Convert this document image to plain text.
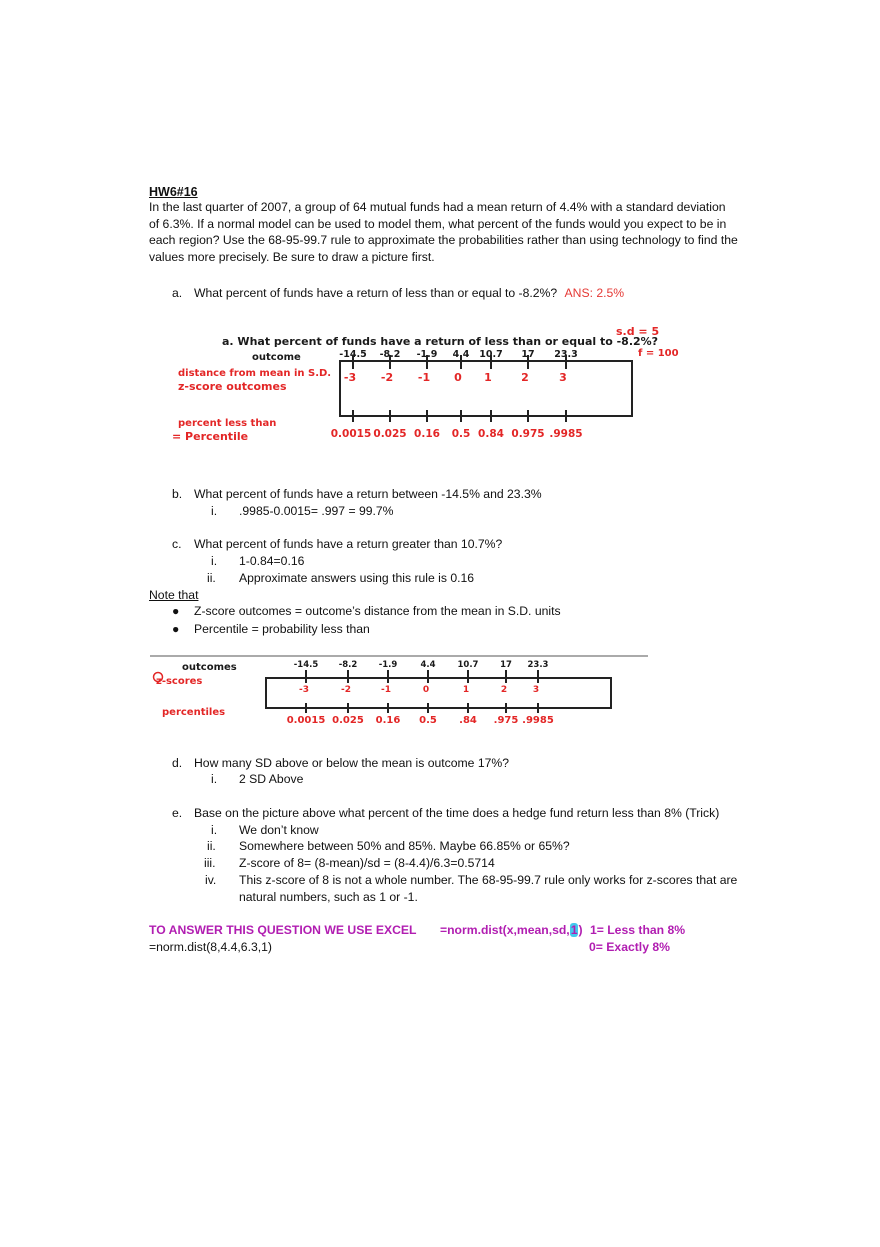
HW6#16
In the last quarter of 2007, a group of 64 mutual funds had a mean return of 4.4% with a standard deviation of 6.3%. If a normal model can be used to model them, what percent of the funds would you expect to be in each region? Use the 68-95-99.7 rule to approximate the probabilities rather than using technology to find the values more precisely. Be sure to draw a picture first.
a. What percent of funds have a return of less than or equal to -8.2%? ANS: 2.5%
a. What percent of funds have a return of less than or equal to -8.2%?
s.d = 5
f = 100
outcome
distance from mean in S.D.
z-score outcomes
percent less than
= Percentile
-14.5 -8.2 -1.9 4.4 10.7 17 23.3
-3 -2 -1 0 1	2	3
0.0015 0.025 0.16 0.5 0.84 0.975 .9985
b. What percent of funds have a return between -14.5% and 23.3%
i. .9985-0.0015= .997 = 99.7%
c. What percent of funds have a return greater than 10.7%?
i. 1-0.84=0.16
ii. Approximate answers using this rule is 0.16
Note that
● Z-score outcomes = outcome’s distance from the mean in S.D. units
● Percentile = probability less than
outcomes
z-scores
percentiles
-14.5 -8.2	-1.9	4.4	10.7	17 23.3
-3	-2	-1	0	1	2	3
0.0015 0.025 0.16 0.5 .84 .975 .9985
d. How many SD above or below the mean is outcome 17%?
i. 2 SD Above
e. Base on the picture above what percent of the time does a hedge fund return less than 8% (Trick)
i. We don’t know
ii. Somewhere between 50% and 85%. Maybe 66.85% or 65%?
iii. Z-score of 8= (8-mean)/sd = (8-4.4)/6.3=0.5714
iv. This z-score of 8 is not a whole number. The 68-95-99.7 rule only works for z-scores that are natural numbers, such as 1 or -1.
TO ANSWER THIS QUESTION WE USE EXCEL =norm.dist(x,mean,sd,1) 1= Less than 8%
=norm.dist(8,4.4,6.3,1)	0= Exactly 8%
